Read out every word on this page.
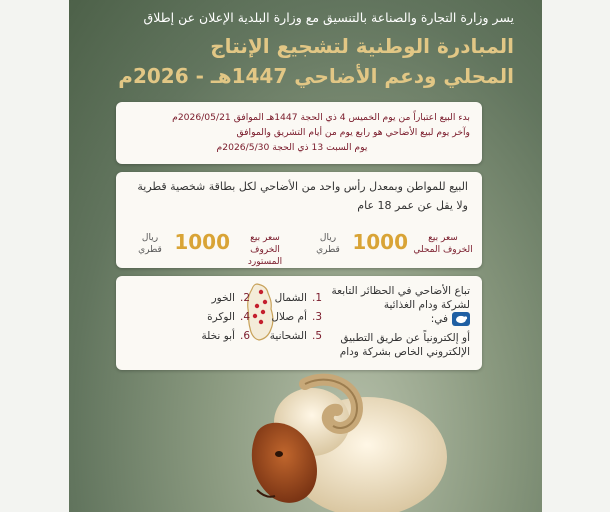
يسر وزارة التجارة والصناعة بالتنسيق مع وزارة البلدية الإعلان عن إطلاق

المبادرة الوطنية لتشجيع الإنتاج

المحلي ودعم الأضاحي 1447هـ - 2026م

بدء البيع اعتباراً من يوم الخميس 4 ذي الحجة 1447هـ الموافق 2026/05/21م
وآخر يوم لبيع الأضاحي هو رابع يوم من أيام التشريق والموافق
يوم السبت 13 ذي الحجة 2026/5/30م
البيع للمواطن وبمعدل رأس واحد من الأضاحي لكل بطاقة شخصية قطرية
ولا يقل عن عمر 18 عام
سعر بيع
الخروف المحلي
1000
ريال
قطري
سعر بيع
الخروف المستورد
1000
ريال
قطري
تباع الأضاحي في الحظائر التابعة
لشركة ودام الغذائية
في:
أو إلكترونياً عن طريق التطبيق
الإلكتروني الخاص بشركة ودام
1.الشمال
3.أم صلال
5.الشحانية
2.الخور
4.الوكرة
6.أبو نخلة
